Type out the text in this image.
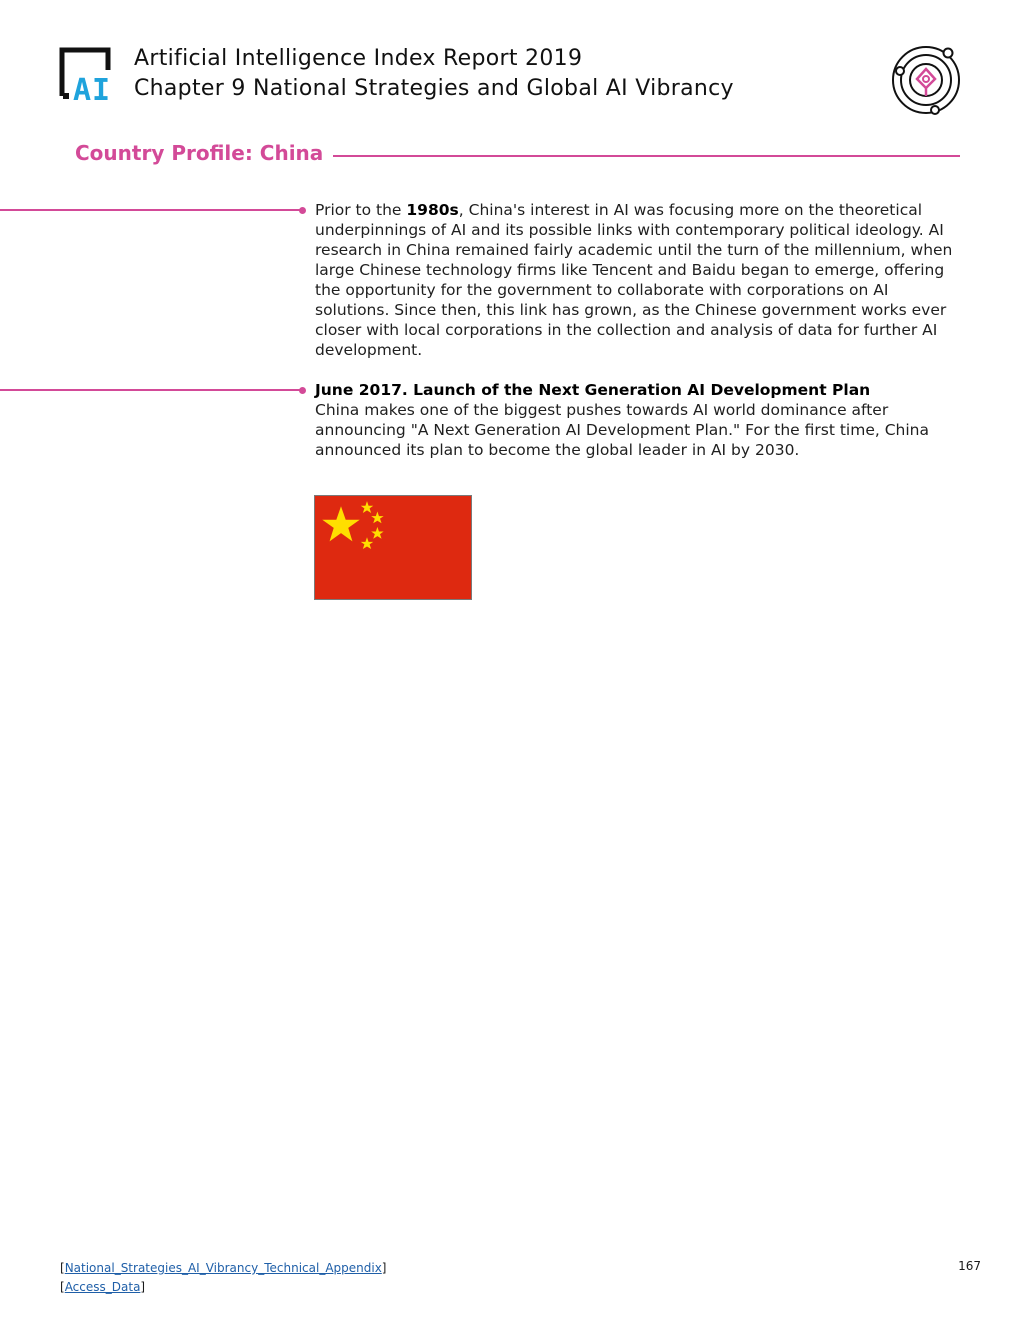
AI
Artificial Intelligence Index Report 2019
Chapter 9 National Strategies and Global AI Vibrancy
Country Profile: China
Prior to the 1980s, China's interest in AI was focusing more on the theoretical underpinnings of AI and its possible links with contemporary political ideology. AI research in China remained fairly academic until the turn of the millennium, when large Chinese technology firms like Tencent and Baidu began to emerge, offering the opportunity for the government to collaborate with corporations on AI solutions. Since then, this link has grown, as the Chinese government works ever closer with local corporations in the collection and analysis of data for further AI development.
June 2017. Launch of the Next Generation AI Development Plan
China makes one of the biggest pushes towards AI world dominance after announcing "A Next Generation AI Development Plan." For the first time, China announced its plan to become the global leader in AI by 2030.
[National_Strategies_AI_Vibrancy_Technical_Appendix]
[Access_Data]
167
